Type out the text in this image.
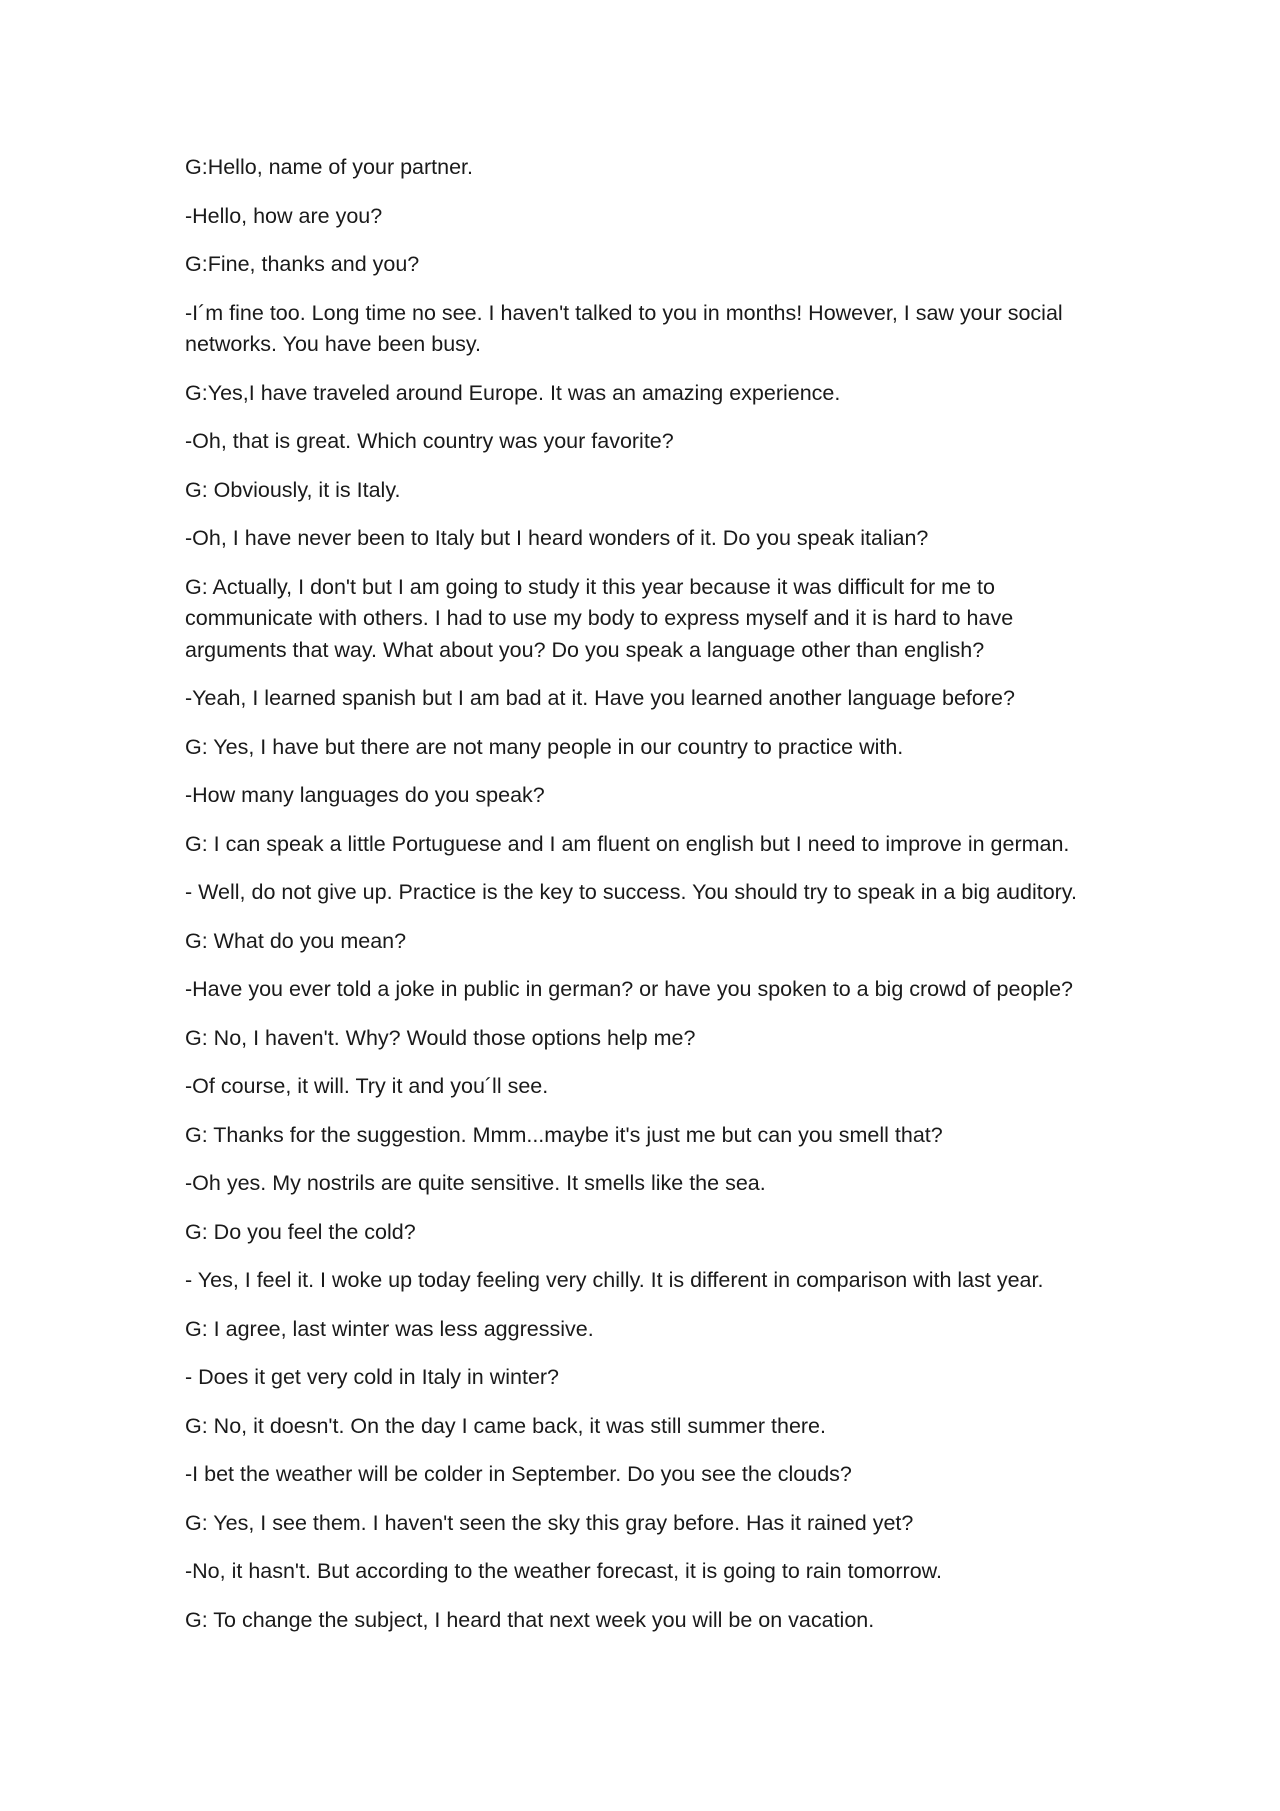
G:Hello, name of your partner.

-Hello, how are you?

G:Fine, thanks and you?

-I´m fine too. Long time no see. I haven't talked to you in months! However, I saw your social networks. You have been busy.

G:Yes,I have traveled around Europe. It was an amazing experience.

-Oh, that is great. Which country was your favorite?

G: Obviously, it is Italy.

-Oh, I have never been to Italy but I heard wonders of it. Do you speak italian?

G: Actually, I don't but I am going to study it this year because it was difficult for me to communicate with others. I had to use my body to express myself and it is hard to have arguments that way. What about you? Do you speak a language other than english?

-Yeah, I learned spanish but I am bad at it. Have you learned another language before?

G: Yes, I have but there are not many people in our country to practice with.

-How many languages do you speak?

G: I can speak a little Portuguese and I am fluent on english but I need to improve in german.

- Well, do not give up. Practice is the key to success. You should try to speak in a big auditory.

G: What do you mean?

-Have you ever told a joke in public in german? or have you spoken to a big crowd of people?

G: No, I haven't. Why? Would those options help me?

-Of course, it will. Try it and you´ll see.

G: Thanks for the suggestion. Mmm...maybe it's just me but can you smell that?

-Oh yes. My nostrils are quite sensitive. It smells like the sea.

G: Do you feel the cold?

- Yes, I feel it. I woke up today feeling very chilly. It is different in comparison with last year.

G: I agree, last winter was less aggressive.

- Does it get very cold in Italy in winter?

G: No, it doesn't. On the day I came back, it was still summer there.

-I bet the weather will be colder in September. Do you see the clouds?

G: Yes, I see them. I haven't seen the sky this gray before. Has it rained yet?

-No, it hasn't. But according to the weather forecast, it is going to rain tomorrow.

G: To change the subject, I heard that next week you will be on vacation.
